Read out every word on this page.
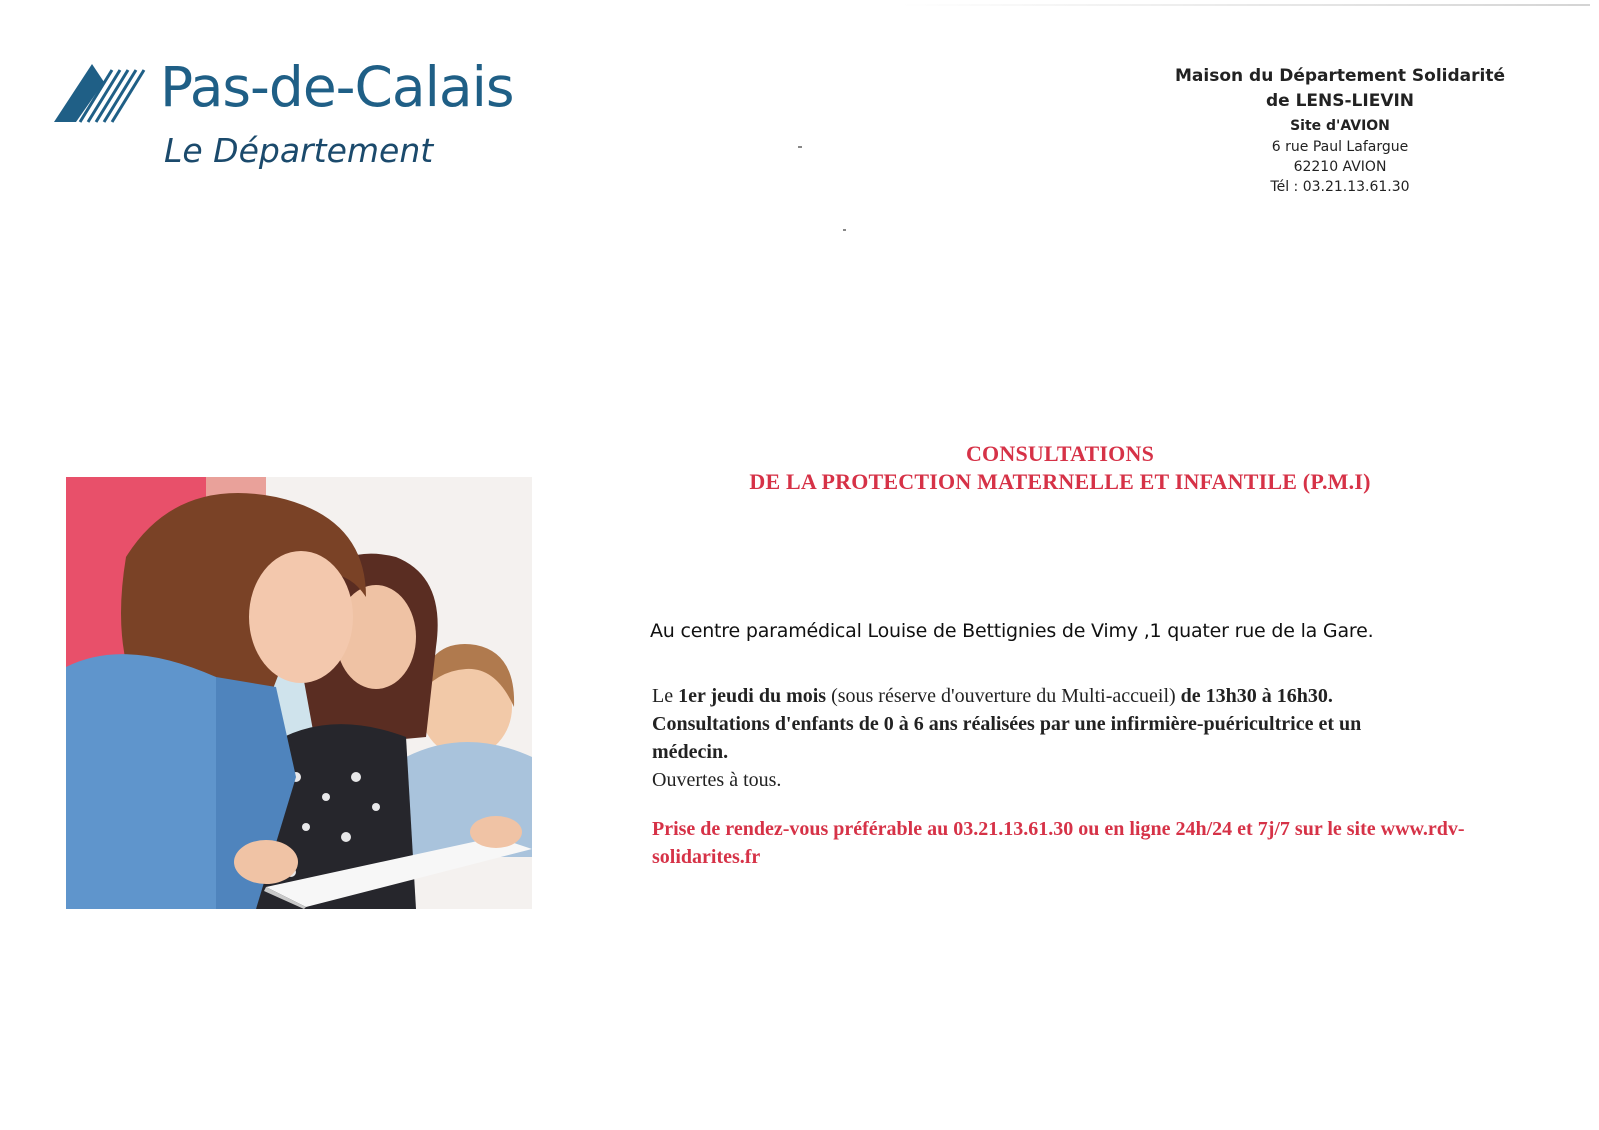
Pas-de-Calais
Le Département
Maison du Département Solidarité
de LENS-LIEVIN
Site d'AVION
6 rue Paul Lafargue
62210 AVION
Tél : 03.21.13.61.30
CONSULTATIONS
DE LA PROTECTION MATERNELLE ET INFANTILE (P.M.I)
Au centre paramédical Louise de Bettignies de Vimy ,1 quater rue de la Gare.
Le 1er jeudi du mois (sous réserve d'ouverture du Multi-accueil) de 13h30 à 16h30.
Consultations d'enfants de 0 à 6 ans réalisées par une infirmière-puéricultrice et un médecin.
Ouvertes à tous.
Prise de rendez-vous préférable au 03.21.13.61.30 ou en ligne 24h/24 et 7j/7 sur le site www.rdv-solidarites.fr
